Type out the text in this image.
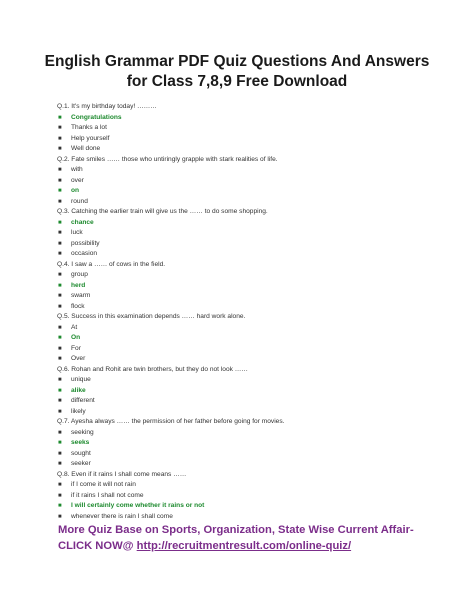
English Grammar PDF Quiz Questions And Answers
for Class 7,8,9 Free Download
Q.1. It's my birthday today! ………
■ Congratulations
■ Thanks a lot
■ Help yourself
■ Well done
Q.2. Fate smiles …… those who untiringly grapple with stark realities of life.
■ with
■ over
■ on
■ round
Q.3. Catching the earlier train will give us the …… to do some shopping.
■ chance
■ luck
■ possibility
■ occasion
Q.4. I saw a …… of cows in the field.
■ group
■ herd
■ swarm
■ flock
Q.5. Success in this examination depends …… hard work alone.
■ At
■ On
■ For
■ Over
Q.6. Rohan and Rohit are twin brothers, but they do not look ……
■ unique
■ alike
■ different
■ likely
Q.7. Ayesha always …… the permission of her father before going for movies.
■ seeking
■ seeks
■ sought
■ seeker
Q.8. Even if it rains I shall come means ……
■ if I come it will not rain
■ if it rains I shall not come
■ I will certainly come whether it rains or not
■ whenever there is rain I shall come
More Quiz Base on Sports, Organization, State Wise Current Affair-
CLICK NOW@ http://recruitmentresult.com/online-quiz/
